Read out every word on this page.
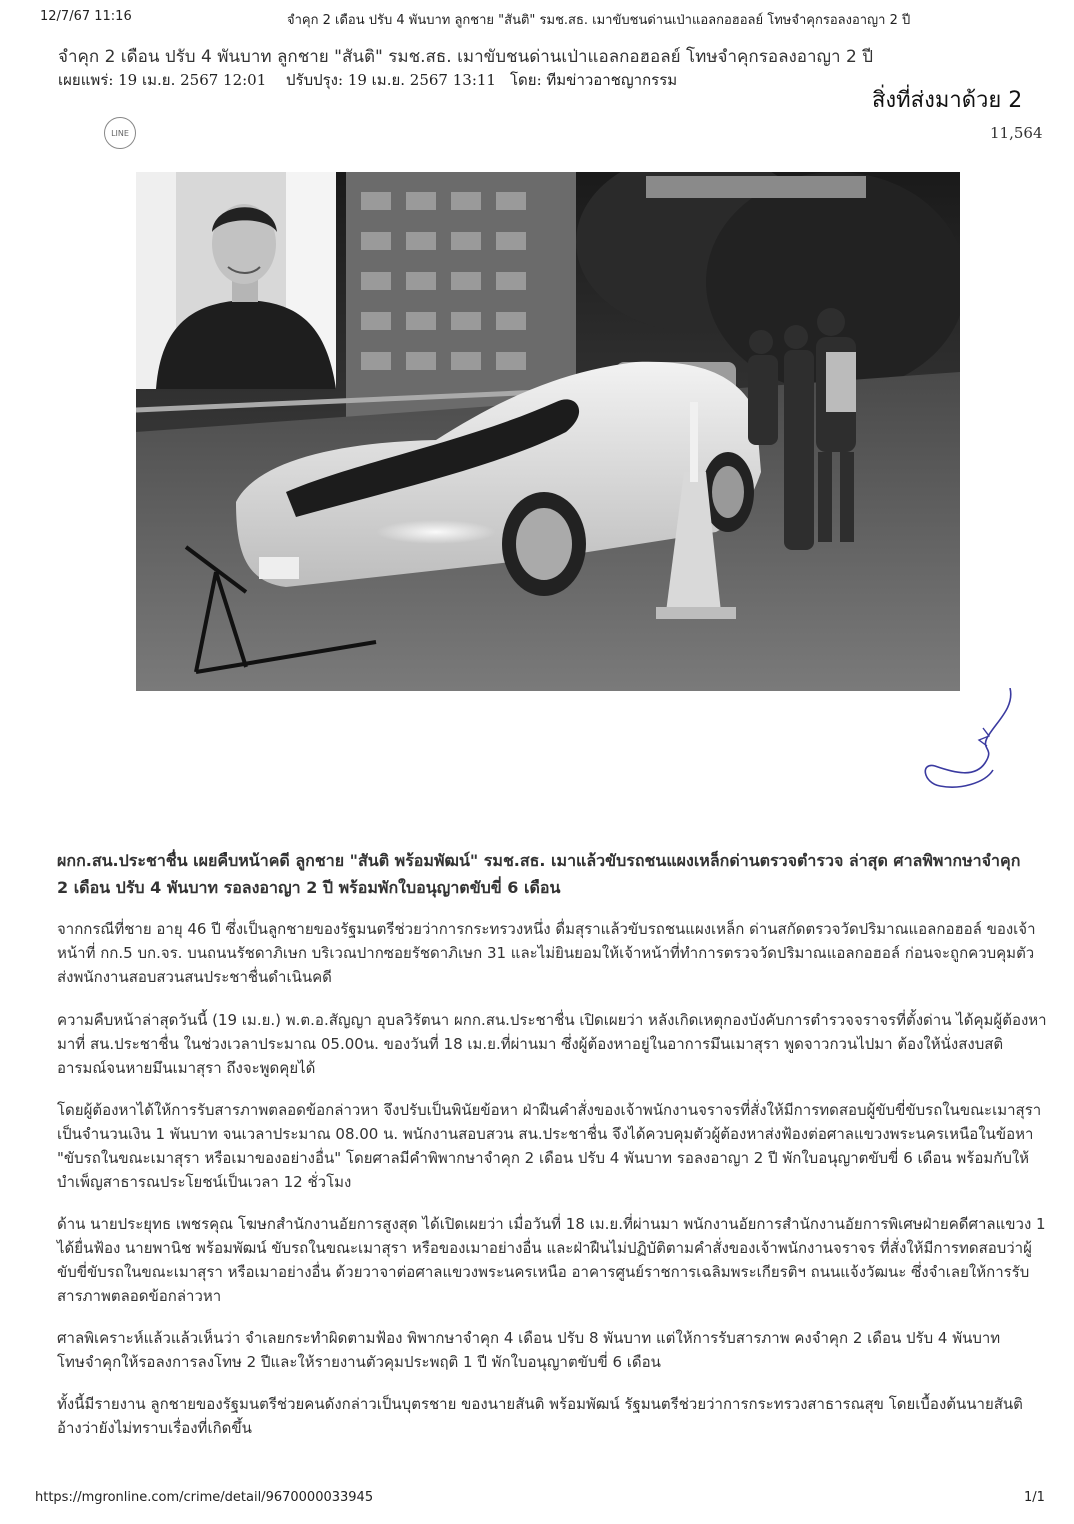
12/7/67 11:16	จำคุก 2 เดือน ปรับ 4 พันบาท ลูกชาย "สันติ" รมช.สธ. เมาขับชนด่านเป่าแอลกอฮอลย์ โทษจำคุกรอลงอาญา 2 ปี
จำคุก 2 เดือน ปรับ 4 พันบาท ลูกชาย "สันติ" รมช.สธ. เมาขับชนด่านเป่าแอลกอฮอลย์ โทษจำคุกรอลงอาญา 2 ปี
เผยแพร่: 19 เม.ย. 2567 12:01 ปรับปรุง: 19 เม.ย. 2567 13:11 โดย: ทีมข่าวอาชญากรรม
สิ่งที่ส่งมาด้วย 2
LINE	11,564
ผกก.สน.ประชาชื่น เผยคืบหน้าคดี ลูกชาย "สันติ พร้อมพัฒน์" รมช.สธ. เมาแล้วขับรถชนแผงเหล็กด่านตรวจตำรวจ ล่าสุด ศาลพิพากษาจำคุก 2 เดือน ปรับ 4 พันบาท รอลงอาญา 2 ปี พร้อมพักใบอนุญาตขับขี่ 6 เดือน
จากกรณีที่ชาย อายุ 46 ปี ซึ่งเป็นลูกชายของรัฐมนตรีช่วยว่าการกระทรวงหนึ่ง ดื่มสุราแล้วขับรถชนแผงเหล็ก ด่านสกัดตรวจวัดปริมาณแอลกอฮอล์ ของเจ้าหน้าที่ กก.5 บก.จร. บนถนนรัชดาภิเษก บริเวณปากซอยรัชดาภิเษก 31 และไม่ยินยอมให้เจ้าหน้าที่ทำการตรวจวัดปริมาณแอลกอฮอล์ ก่อนจะถูกควบคุมตัวส่งพนักงานสอบสวนสนประชาชื่นดำเนินคดี
ความคืบหน้าล่าสุดวันนี้ (19 เม.ย.) พ.ต.อ.สัญญา อุบลวิรัตนา ผกก.สน.ประชาชื่น เปิดเผยว่า หลังเกิดเหตุกองบังคับการตำรวจจราจรที่ตั้งด่าน ได้คุมผู้ต้องหามาที่ สน.ประชาชื่น ในช่วงเวลาประมาณ 05.00น. ของวันที่ 18 เม.ย.ที่ผ่านมา ซึ่งผู้ต้องหาอยู่ในอาการมึนเมาสุรา พูดจาวกวนไปมา ต้องให้นั่งสงบสติอารมณ์จนหายมึนเมาสุรา ถึงจะพูดคุยได้
โดยผู้ต้องหาได้ให้การรับสารภาพตลอดข้อกล่าวหา จึงปรับเป็นพินัยข้อหา ฝ่าฝืนคำสั่งของเจ้าพนักงานจราจรที่สั่งให้มีการทดสอบผู้ขับขี่ขับรถในขณะเมาสุรา เป็นจำนวนเงิน 1 พันบาท จนเวลาประมาณ 08.00 น. พนักงานสอบสวน สน.ประชาชื่น จึงได้ควบคุมตัวผู้ต้องหาส่งฟ้องต่อศาลแขวงพระนครเหนือในข้อหา "ขับรถในขณะเมาสุรา หรือเมาของอย่างอื่น" โดยศาลมีคำพิพากษาจำคุก 2 เดือน ปรับ 4 พันบาท รอลงอาญา 2 ปี พักใบอนุญาตขับขี่ 6 เดือน พร้อมกับให้บำเพ็ญสาธารณประโยชน์เป็นเวลา 12 ชั่วโมง
ด้าน นายประยุทธ เพชรคุณ โฆษกสำนักงานอัยการสูงสุด ได้เปิดเผยว่า เมื่อวันที่ 18 เม.ย.ที่ผ่านมา พนักงานอัยการสำนักงานอัยการพิเศษฝ่ายคดีศาลแขวง 1 ได้ยื่นฟ้อง นายพานิช พร้อมพัฒน์ ขับรถในขณะเมาสุรา หรือของเมาอย่างอื่น และฝ่าฝืนไม่ปฏิบัติตามคำสั่งของเจ้าพนักงานจราจร ที่สั่งให้มีการทดสอบว่าผู้ขับขี่ขับรถในขณะเมาสุรา หรือเมาอย่างอื่น ด้วยวาจาต่อศาลแขวงพระนครเหนือ อาคารศูนย์ราชการเฉลิมพระเกียรติฯ ถนนแจ้งวัฒนะ ซึ่งจำเลยให้การรับสารภาพตลอดข้อกล่าวหา
ศาลพิเคราะห์แล้วแล้วเห็นว่า จำเลยกระทำผิดตามฟ้อง พิพากษาจำคุก 4 เดือน ปรับ 8 พันบาท แต่ให้การรับสารภาพ คงจำคุก 2 เดือน ปรับ 4 พันบาท โทษจำคุกให้รอลงการลงโทษ 2 ปีและให้รายงานตัวคุมประพฤติ 1 ปี พักใบอนุญาตขับขี่ 6 เดือน
ทั้งนี้มีรายงาน ลูกชายของรัฐมนตรีช่วยคนดังกล่าวเป็นบุตรชาย ของนายสันติ พร้อมพัฒน์ รัฐมนตรีช่วยว่าการกระทรวงสาธารณสุข โดยเบื้องต้นนายสันติ อ้างว่ายังไม่ทราบเรื่องที่เกิดขึ้น
https://mgronline.com/crime/detail/9670000033945	1/1
